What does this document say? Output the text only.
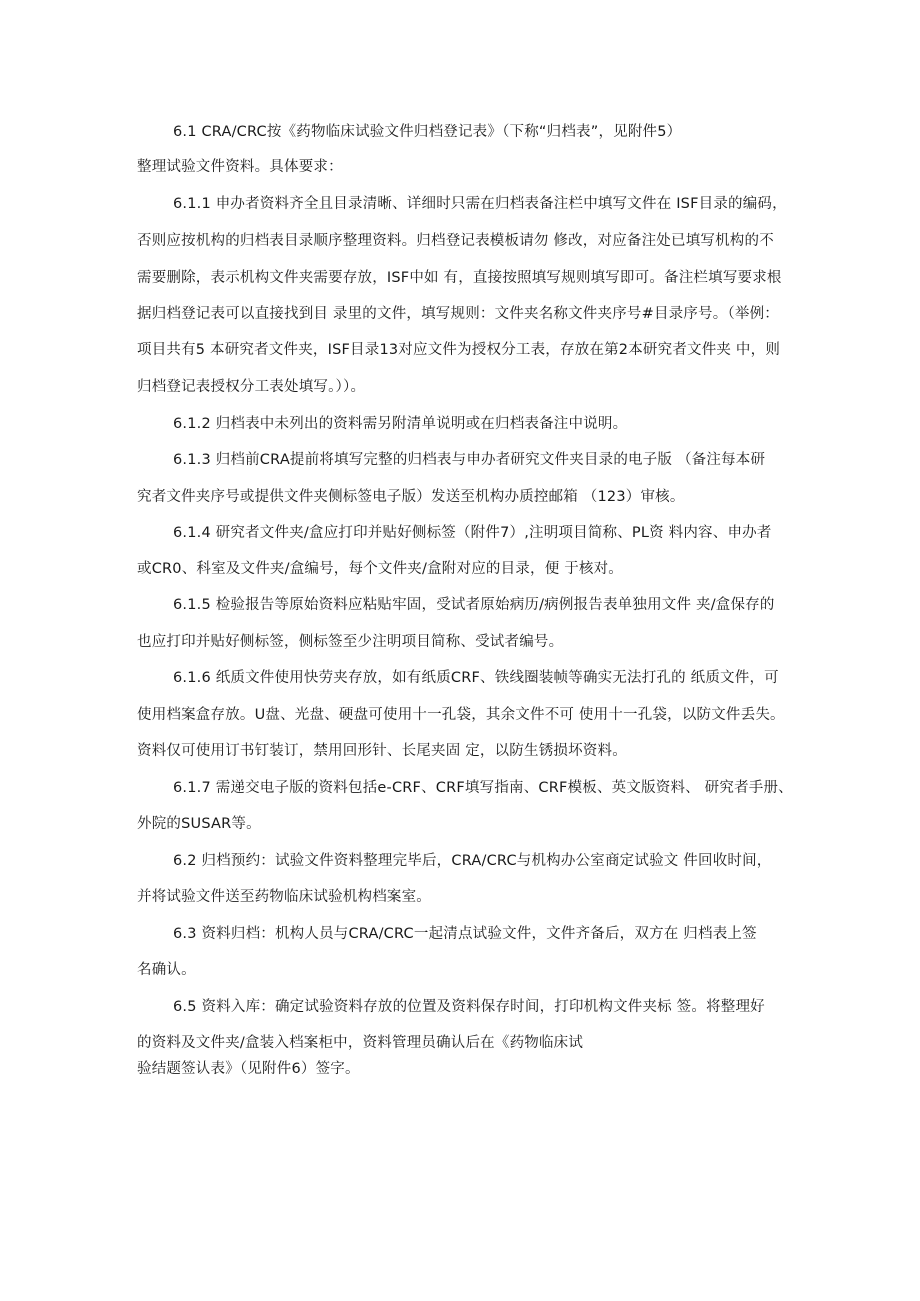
6.1 CRA/CRC按《药物临床试验文件归档登记表》（下称“归档表”，见附件5）
整理试验文件资料。具体要求：
6.1.1 申办者资料齐全且目录清晰、详细时只需在归档表备注栏中填写文件在 ISF目录的编码，
否则应按机构的归档表目录顺序整理资料。归档登记表模板请勿 修改，对应备注处已填写机构的不
需要删除，表示机构文件夹需要存放，ISF中如 有，直接按照填写规则填写即可。备注栏填写要求根
据归档登记表可以直接找到目 录里的文件，填写规则：文件夹名称文件夹序号#目录序号。（举例：
项目共有5 本研究者文件夹，ISF目录13对应文件为授权分工表，存放在第2本研究者文件夹 中，则
归档登记表授权分工表处填写。））。
6.1.2 归档表中未列出的资料需另附清单说明或在归档表备注中说明。
6.1.3 归档前CRA提前将填写完整的归档表与申办者研究文件夹目录的电子版 （备注每本研
究者文件夹序号或提供文件夹侧标签电子版）发送至机构办质控邮箱 （123）审核。
6.1.4 研究者文件夹/盒应打印并贴好侧标签（附件7）,注明项目简称、PL资 料内容、申办者
或CR0、科室及文件夹/盒编号，每个文件夹/盒附对应的目录，便 于核对。
6.1.5 检验报告等原始资料应粘贴牢固，受试者原始病历/病例报告表单独用文件 夹/盒保存的
也应打印并贴好侧标签，侧标签至少注明项目简称、受试者编号。
6.1.6 纸质文件使用快劳夹存放，如有纸质CRF、铁线圈装帧等确实无法打孔的 纸质文件，可
使用档案盒存放。U盘、光盘、硬盘可使用十一孔袋，其余文件不可 使用十一孔袋，以防文件丢失。
资料仅可使用订书钉装订，禁用回形针、长尾夹固 定，以防生锈损坏资料。
6.1.7 需递交电子版的资料包括e-CRF、CRF填写指南、CRF模板、英文版资料、 研究者手册、
外院的SUSAR等。
6.2 归档预约：试验文件资料整理完毕后，CRA/CRC与机构办公室商定试验文 件回收时间，
并将试验文件送至药物临床试验机构档案室。
6.3 资料归档：机构人员与CRA/CRC一起清点试验文件，文件齐备后，双方在 归档表上签
名确认。
6.5 资料入库：确定试验资料存放的位置及资料保存时间，打印机构文件夹标 签。将整理好
的资料及文件夹/盒装入档案柜中，资料管理员确认后在《药物临床试
验结题签认表》（见附件6）签字。
